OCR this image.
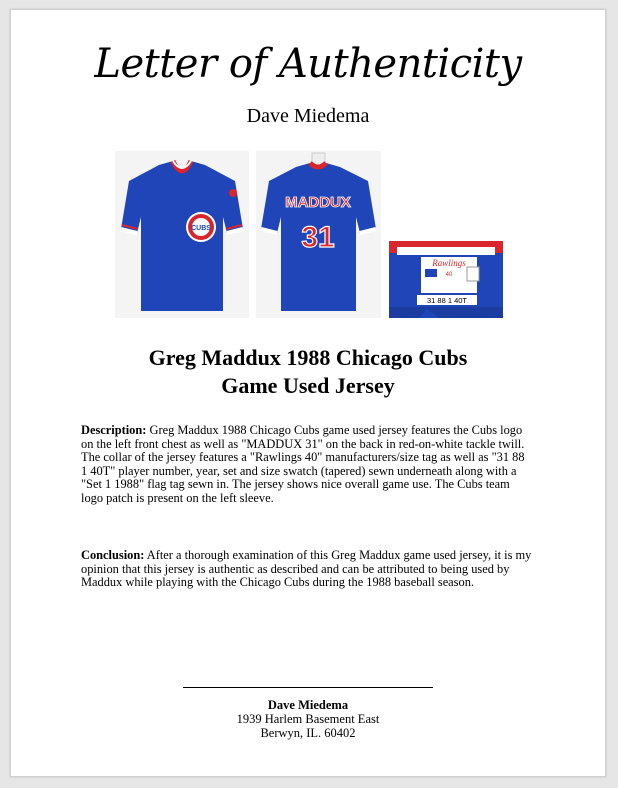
Letter of Authenticity
Dave Miedema
CUBS
MADDUX
31
Rawlings
40
31 88 1 40T
Greg Maddux 1988 Chicago Cubs
Game Used Jersey
Description: Greg Maddux 1988 Chicago Cubs game used jersey features the Cubs logo on the left front chest as well as "MADDUX 31" on the back in red-on-white tackle twill. The collar of the jersey features a "Rawlings 40" manufacturers/size tag as well as "31 88 1 40T" player number, year, set and size swatch (tapered) sewn underneath along with a "Set 1 1988" flag tag sewn in. The jersey shows nice overall game use. The Cubs team logo patch is present on the left sleeve.
Conclusion: After a thorough examination of this Greg Maddux game used jersey, it is my opinion that this jersey is authentic as described and can be attributed to being used by Maddux while playing with the Chicago Cubs during the 1988 baseball season.
Dave Miedema
1939 Harlem Basement East
Berwyn, IL. 60402
